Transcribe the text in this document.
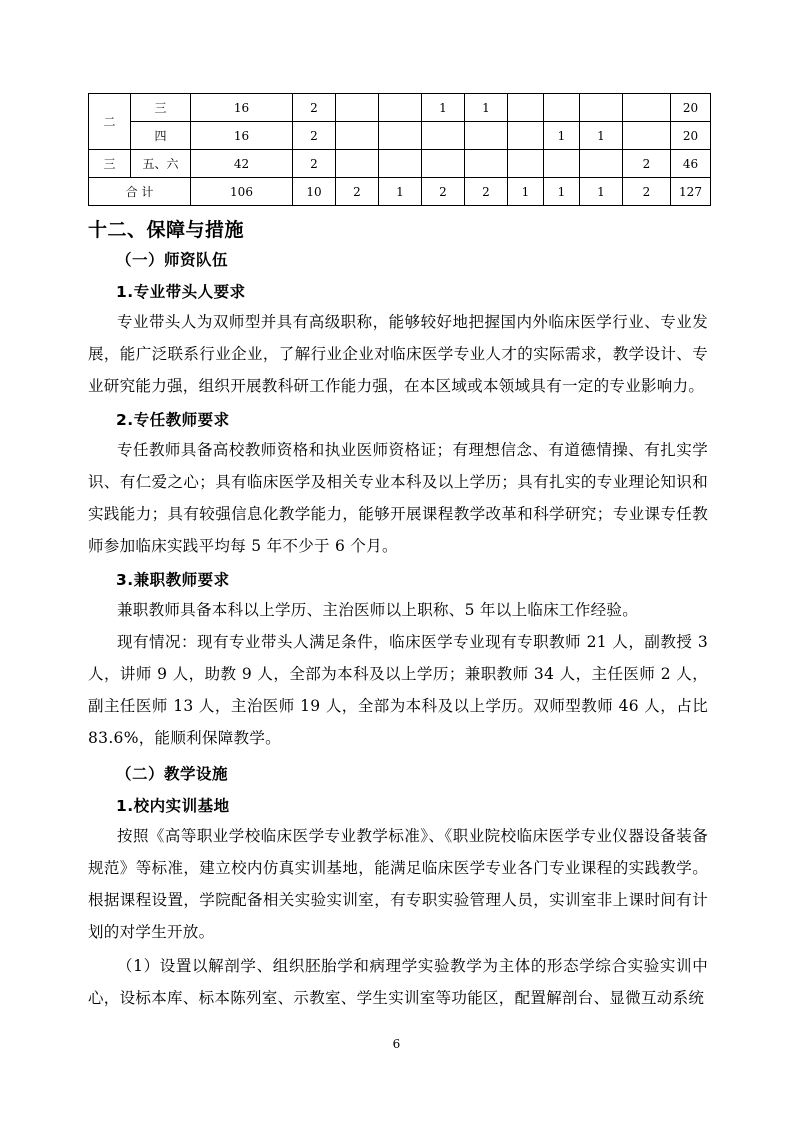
二	三	16	2			1	1					20
	四	16	2						1	1		20
三	五、六	42	2								2	46
合 计		106	10	2	1	2	2	1	1	1	2	127
十二、保障与措施
（一）师资队伍
1.专业带头人要求
专业带头人为双师型并具有高级职称，能够较好地把握国内外临床医学行业、专业发展，能广泛联系行业企业，了解行业企业对临床医学专业人才的实际需求，教学设计、专业研究能力强，组织开展教科研工作能力强，在本区域或本领域具有一定的专业影响力。
2.专任教师要求
专任教师具备高校教师资格和执业医师资格证；有理想信念、有道德情操、有扎实学识、有仁爱之心；具有临床医学及相关专业本科及以上学历；具有扎实的专业理论知识和实践能力；具有较强信息化教学能力，能够开展课程教学改革和科学研究；专业课专任教师参加临床实践平均每 5 年不少于 6 个月。
3.兼职教师要求
兼职教师具备本科以上学历、主治医师以上职称、5 年以上临床工作经验。
现有情况：现有专业带头人满足条件，临床医学专业现有专职教师 21 人，副教授 3 人，讲师 9 人，助教 9 人，全部为本科及以上学历；兼职教师 34 人，主任医师 2 人，副主任医师 13 人，主治医师 19 人，全部为本科及以上学历。双师型教师 46 人，占比 83.6%，能顺利保障教学。
（二）教学设施
1.校内实训基地
按照《高等职业学校临床医学专业教学标准》、《职业院校临床医学专业仪器设备装备规范》等标准，建立校内仿真实训基地，能满足临床医学专业各门专业课程的实践教学。根据课程设置，学院配备相关实验实训室，有专职实验管理人员，实训室非上课时间有计划的对学生开放。
（1）设置以解剖学、组织胚胎学和病理学实验教学为主体的形态学综合实验实训中心，设标本库、标本陈列室、示教室、学生实训室等功能区，配置解剖台、显微互动系统
6
